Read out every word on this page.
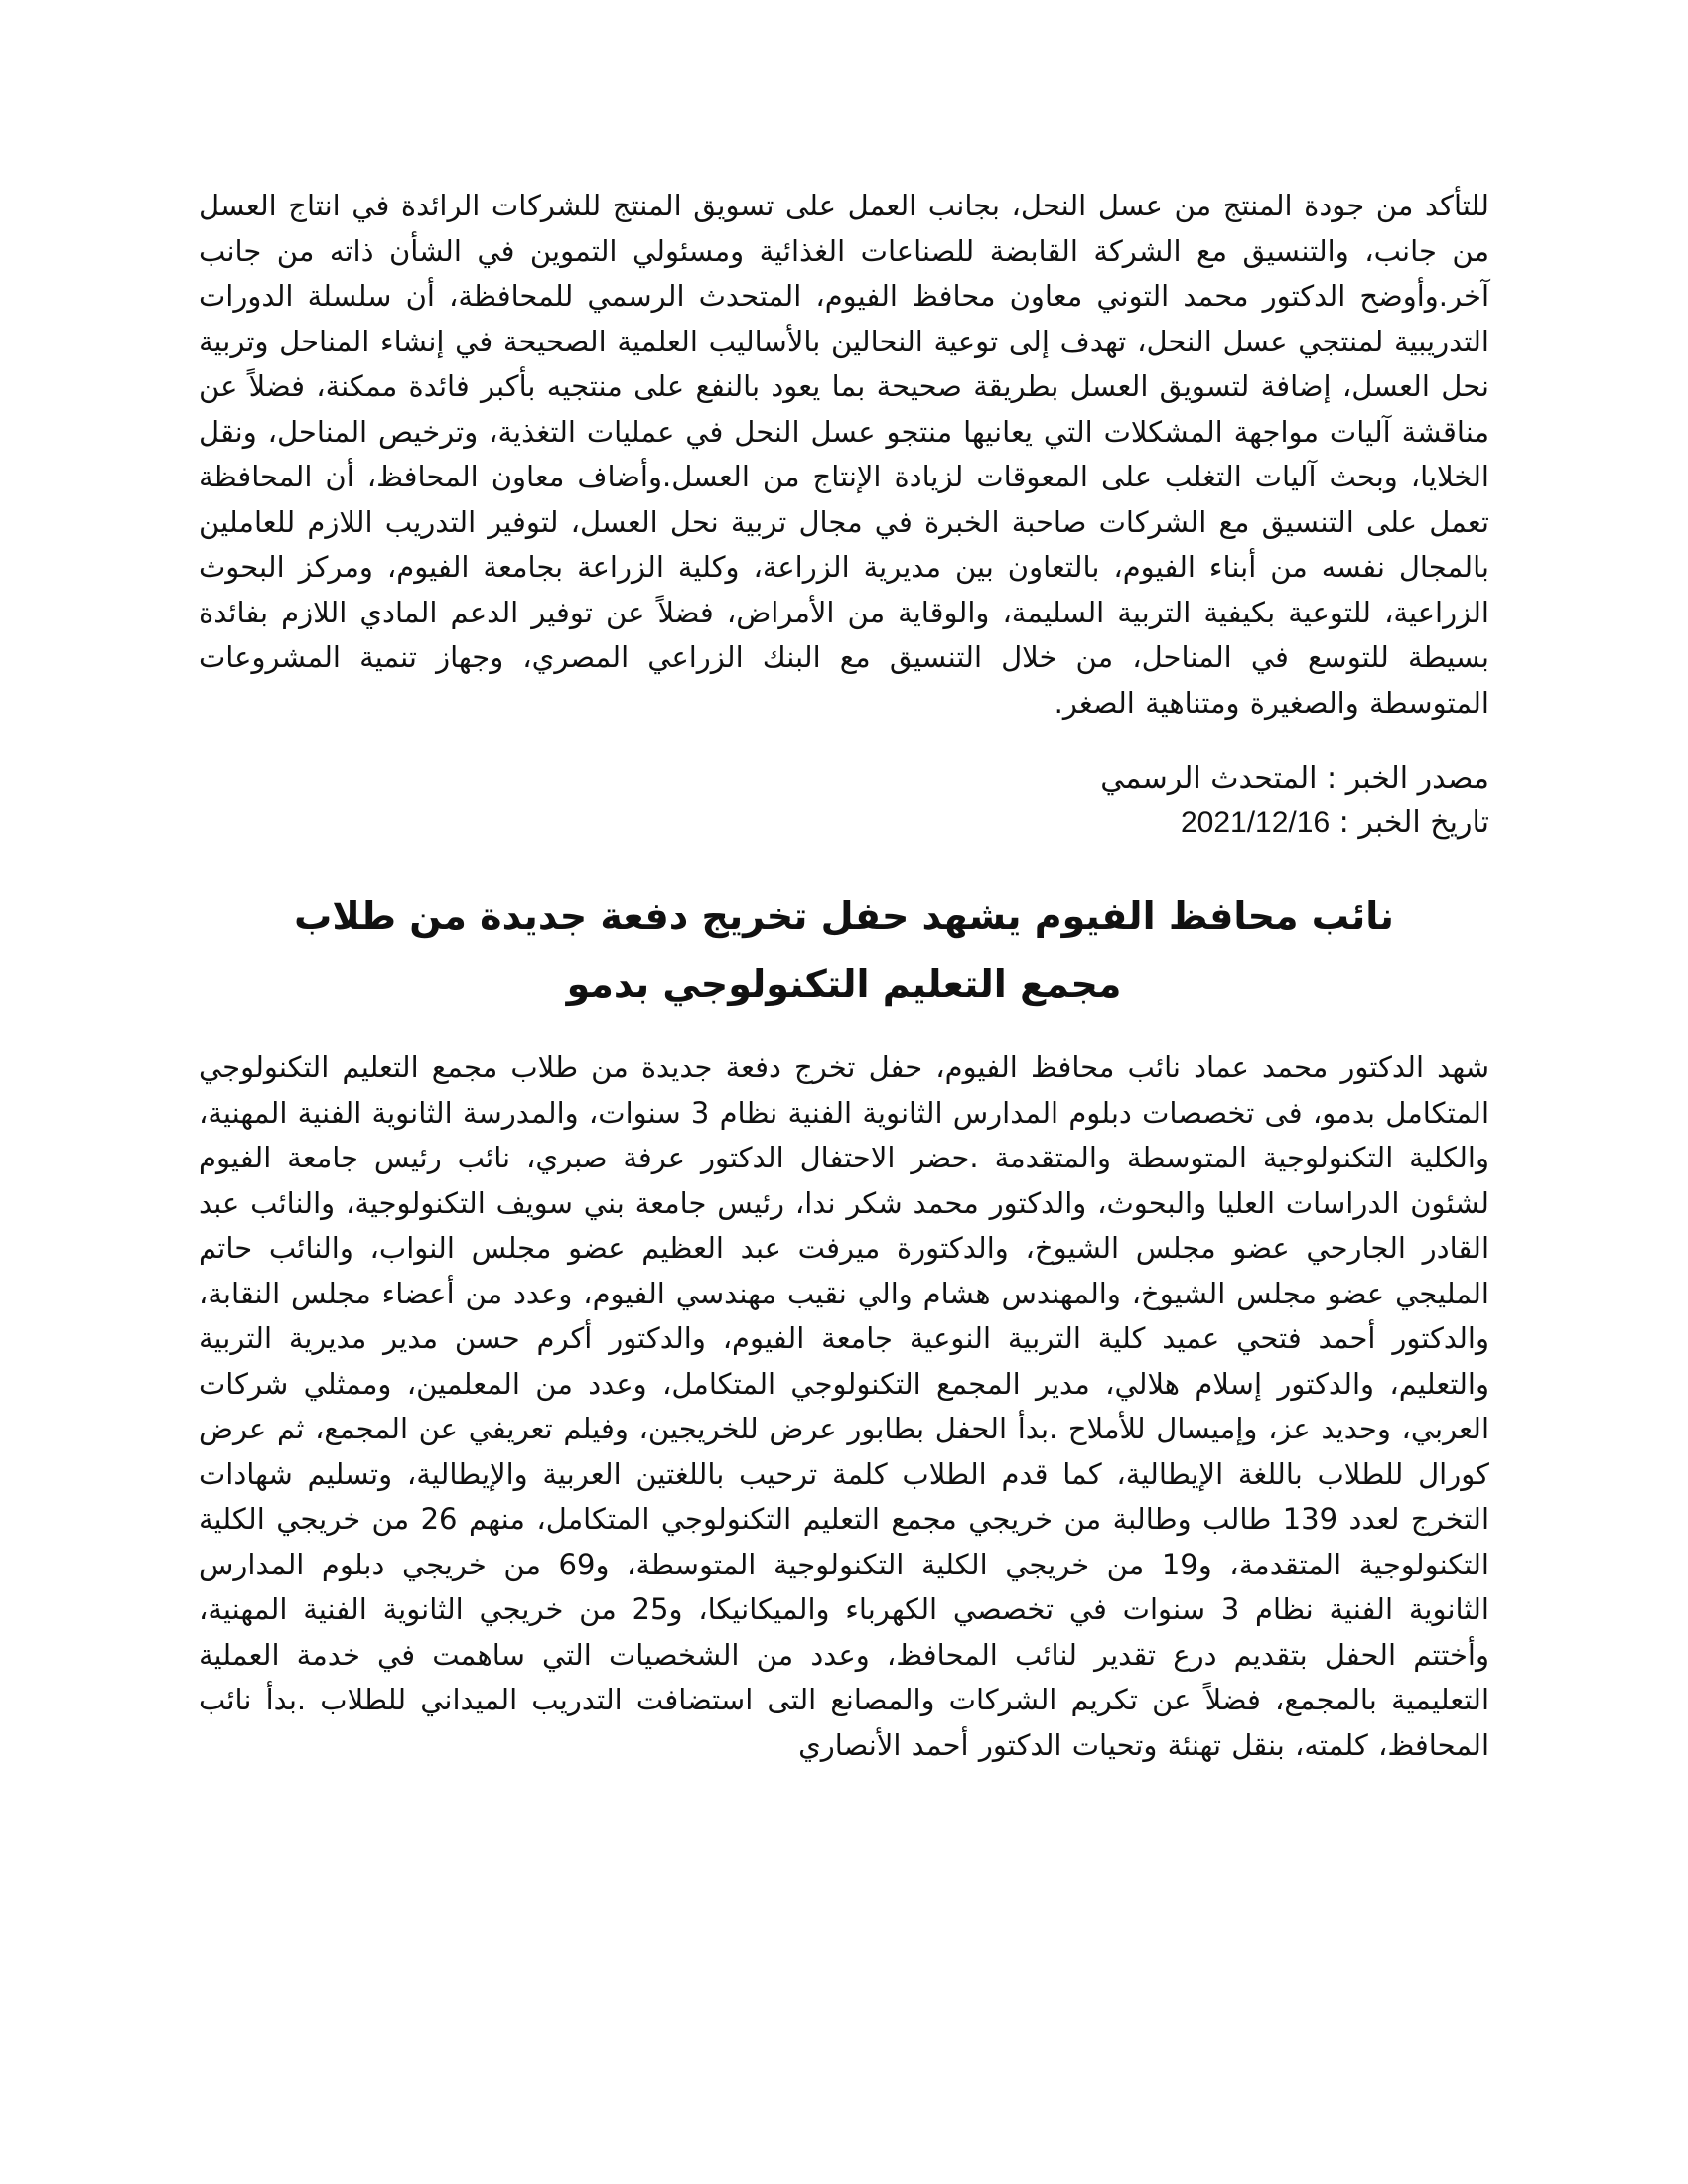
للتأكد من جودة المنتج من عسل النحل، بجانب العمل على تسويق المنتج للشركات الرائدة في انتاج العسل من جانب، والتنسيق مع الشركة القابضة للصناعات الغذائية ومسئولي التموين في الشأن ذاته من جانب آخر.وأوضح الدكتور محمد التوني معاون محافظ الفيوم، المتحدث الرسمي للمحافظة، أن سلسلة الدورات التدريبية لمنتجي عسل النحل، تهدف إلى توعية النحالين بالأساليب العلمية الصحيحة في إنشاء المناحل وتربية نحل العسل، إضافة لتسويق العسل بطريقة صحيحة بما يعود بالنفع على منتجيه بأكبر فائدة ممكنة، فضلاً عن مناقشة آليات مواجهة المشكلات التي يعانيها منتجو عسل النحل في عمليات التغذية، وترخيص المناحل، ونقل الخلايا، وبحث آليات التغلب على المعوقات لزيادة الإنتاج من العسل.وأضاف معاون المحافظ، أن المحافظة تعمل على التنسيق مع الشركات صاحبة الخبرة في مجال تربية نحل العسل، لتوفير التدريب اللازم للعاملين بالمجال نفسه من أبناء الفيوم، بالتعاون بين مديرية الزراعة، وكلية الزراعة بجامعة الفيوم، ومركز البحوث الزراعية، للتوعية بكيفية التربية السليمة، والوقاية من الأمراض، فضلاً عن توفير الدعم المادي اللازم بفائدة بسيطة للتوسع في المناحل، من خلال التنسيق مع البنك الزراعي المصري، وجهاز تنمية المشروعات المتوسطة والصغيرة ومتناهية الصغر.

مصدر الخبر : المتحدث الرسمي
تاريخ الخبر : 2021/12/16
نائب محافظ الفيوم يشهد حفل تخريج دفعة جديدة من طلاب مجمع التعليم التكنولوجي بدمو

شهد الدكتور محمد عماد نائب محافظ الفيوم، حفل تخرج دفعة جديدة من طلاب مجمع التعليم التكنولوجي المتكامل بدمو، فى تخصصات دبلوم المدارس الثانوية الفنية نظام 3 سنوات، والمدرسة الثانوية الفنية المهنية، والكلية التكنولوجية المتوسطة والمتقدمة .حضر الاحتفال الدكتور عرفة صبري، نائب رئيس جامعة الفيوم لشئون الدراسات العليا والبحوث، والدكتور محمد شكر ندا، رئيس جامعة بني سويف التكنولوجية، والنائب عبد القادر الجارحي عضو مجلس الشيوخ، والدكتورة ميرفت عبد العظيم عضو مجلس النواب، والنائب حاتم المليجي عضو مجلس الشيوخ، والمهندس هشام والي نقيب مهندسي الفيوم، وعدد من أعضاء مجلس النقابة، والدكتور أحمد فتحي عميد كلية التربية النوعية جامعة الفيوم، والدكتور أكرم حسن مدير مديرية التربية والتعليم، والدكتور إسلام هلالي، مدير المجمع التكنولوجي المتكامل، وعدد من المعلمين، وممثلي شركات العربي، وحديد عز، وإميسال للأملاح .بدأ الحفل بطابور عرض للخريجين، وفيلم تعريفي عن المجمع، ثم عرض كورال للطلاب باللغة الإيطالية، كما قدم الطلاب كلمة ترحيب باللغتين العربية والإيطالية، وتسليم شهادات التخرج لعدد 139 طالب وطالبة من خريجي مجمع التعليم التكنولوجي المتكامل، منهم 26 من خريجي الكلية التكنولوجية المتقدمة، و19 من خريجي الكلية التكنولوجية المتوسطة، و69 من خريجي دبلوم المدارس الثانوية الفنية نظام 3 سنوات في تخصصي الكهرباء والميكانيكا، و25 من خريجي الثانوية الفنية المهنية، وأختتم الحفل بتقديم درع تقدير لنائب المحافظ، وعدد من الشخصيات التي ساهمت في خدمة العملية التعليمية بالمجمع، فضلاً عن تكريم الشركات والمصانع التى استضافت التدريب الميداني للطلاب .بدأ نائب المحافظ، كلمته، بنقل تهنئة وتحيات الدكتور أحمد الأنصاري
